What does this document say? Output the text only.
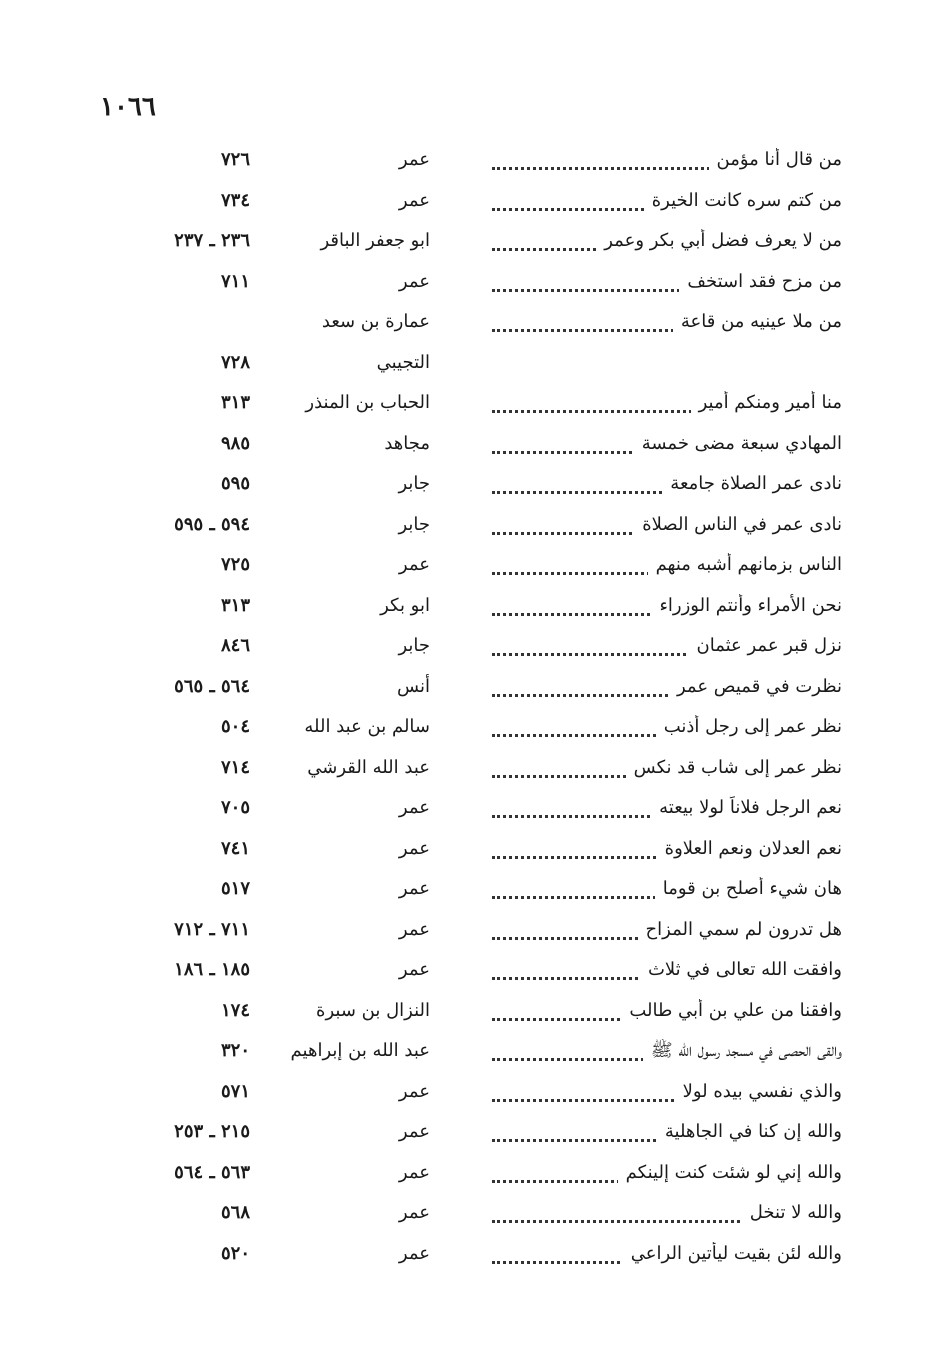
١٠٦٦
من قال أنا مؤمن
عمر
٧٢٦
من كتم سره كانت الخيرة
عمر
٧٣٤
من لا يعرف فضل أبي بكر وعمر
ابو جعفر الباقر
٢٣٦ ـ ٢٣٧
من مزح فقد استخف
عمر
٧١١
من ملا عينيه من قاعة
عمارة بن سعد
التجيبي
٧٢٨
منا أمير ومنكم أمير
الحباب بن المنذر
٣١٣
المهادي سبعة مضى خمسة
مجاهد
٩٨٥
نادى عمر الصلاة جامعة
جابر
٥٩٥
نادى عمر في الناس الصلاة
جابر
٥٩٤ ـ ٥٩٥
الناس بزمانهم أشبه منهم
عمر
٧٢٥
نحن الأمراء وأنتم الوزراء
ابو بكر
٣١٣
نزل قبر عمر عثمان
جابر
٨٤٦
نظرت في قميص عمر
أنس
٥٦٤ ـ ٥٦٥
نظر عمر إلى رجل أذنب
سالم بن عبد الله
٥٠٤
نظر عمر إلى شاب قد نكس
عبد الله القرشي
٧١٤
نعم الرجل فلاناً لولا بيعته
عمر
٧٠٥
نعم العدلان ونعم العلاوة
عمر
٧٤١
هان شيء أصلح بن قوما
عمر
٥١٧
هل تدرون لم سمي المزاح
عمر
٧١١ ـ ٧١٢
وافقت الله تعالى في ثلاث
عمر
١٨٥ ـ ١٨٦
وافقنا من علي بن أبي طالب
النزال بن سبرة
١٧٤
والقى الحصى في مسجد رسول الله ﷺ
عبد الله بن إبراهيم
٣٢٠
والذي نفسي بيده لولا
عمر
٥٧١
والله إن كنا في الجاهلية
عمر
٢١٥ ـ ٢٥٣
والله إني لو شئت كنت إلينكم
عمر
٥٦٣ ـ ٥٦٤
والله لا تنخل
عمر
٥٦٨
والله لئن بقيت ليأتين الراعي
عمر
٥٢٠
